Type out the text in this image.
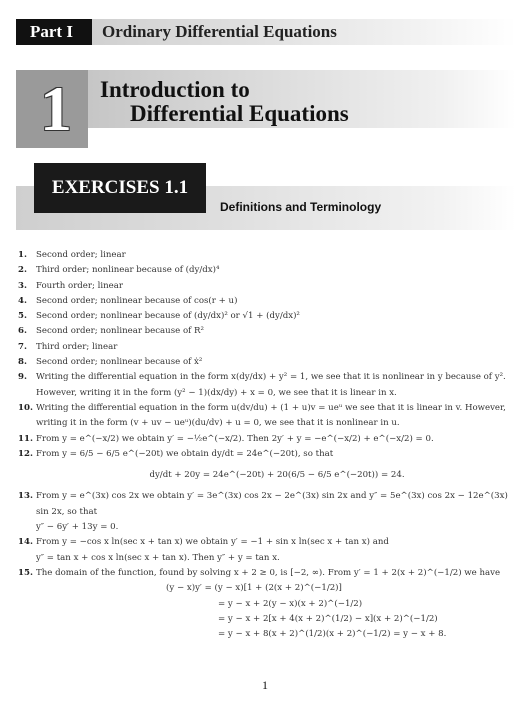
Part I	Ordinary Differential Equations
1	Introduction to
Differential Equations
EXERCISES 1.1
Definitions and Terminology
1. Second order; linear
2. Third order; nonlinear because of (dy/dx)⁴
3. Fourth order; linear
4. Second order; nonlinear because of cos(r + u)
5. Second order; nonlinear because of (dy/dx)² or √1 + (dy/dx)²
6. Second order; nonlinear because of R²
7. Third order; linear
8. Second order; nonlinear because of ẋ²
9. Writing the differential equation in the form x(dy/dx) + y² = 1, we see that it is nonlinear in y because of y².
However, writing it in the form (y² − 1)(dx/dy) + x = 0, we see that it is linear in x.
10. Writing the differential equation in the form u(dv/du) + (1 + u)v = ueᵘ we see that it is linear in v. However,
writing it in the form (v + uv − ueᵘ)(du/dv) + u = 0, we see that it is nonlinear in u.
11. From y = e^(−x/2) we obtain y′ = −½e^(−x/2). Then 2y′ + y = −e^(−x/2) + e^(−x/2) = 0.
12. From y = 6/5 − 6/5 e^(−20t) we obtain dy/dt = 24e^(−20t), so that
dy/dt + 20y = 24e^(−20t) + 20(6/5 − 6/5 e^(−20t)) = 24.
13. From y = e^(3x) cos 2x we obtain y′ = 3e^(3x) cos 2x − 2e^(3x) sin 2x and y″ = 5e^(3x) cos 2x − 12e^(3x) sin 2x, so that
y″ − 6y′ + 13y = 0.
14. From y = −cos x ln(sec x + tan x) we obtain y′ = −1 + sin x ln(sec x + tan x) and
y″ = tan x + cos x ln(sec x + tan x). Then y″ + y = tan x.
15. The domain of the function, found by solving x + 2 ≥ 0, is [−2, ∞). From y′ = 1 + 2(x + 2)^(−1/2) we have
(y − x)y′ = (y − x)[1 + (2(x + 2)^(−1/2)]
= y − x + 2(y − x)(x + 2)^(−1/2)
= y − x + 2[x + 4(x + 2)^(1/2) − x](x + 2)^(−1/2)
= y − x + 8(x + 2)^(1/2)(x + 2)^(−1/2) = y − x + 8.
1
